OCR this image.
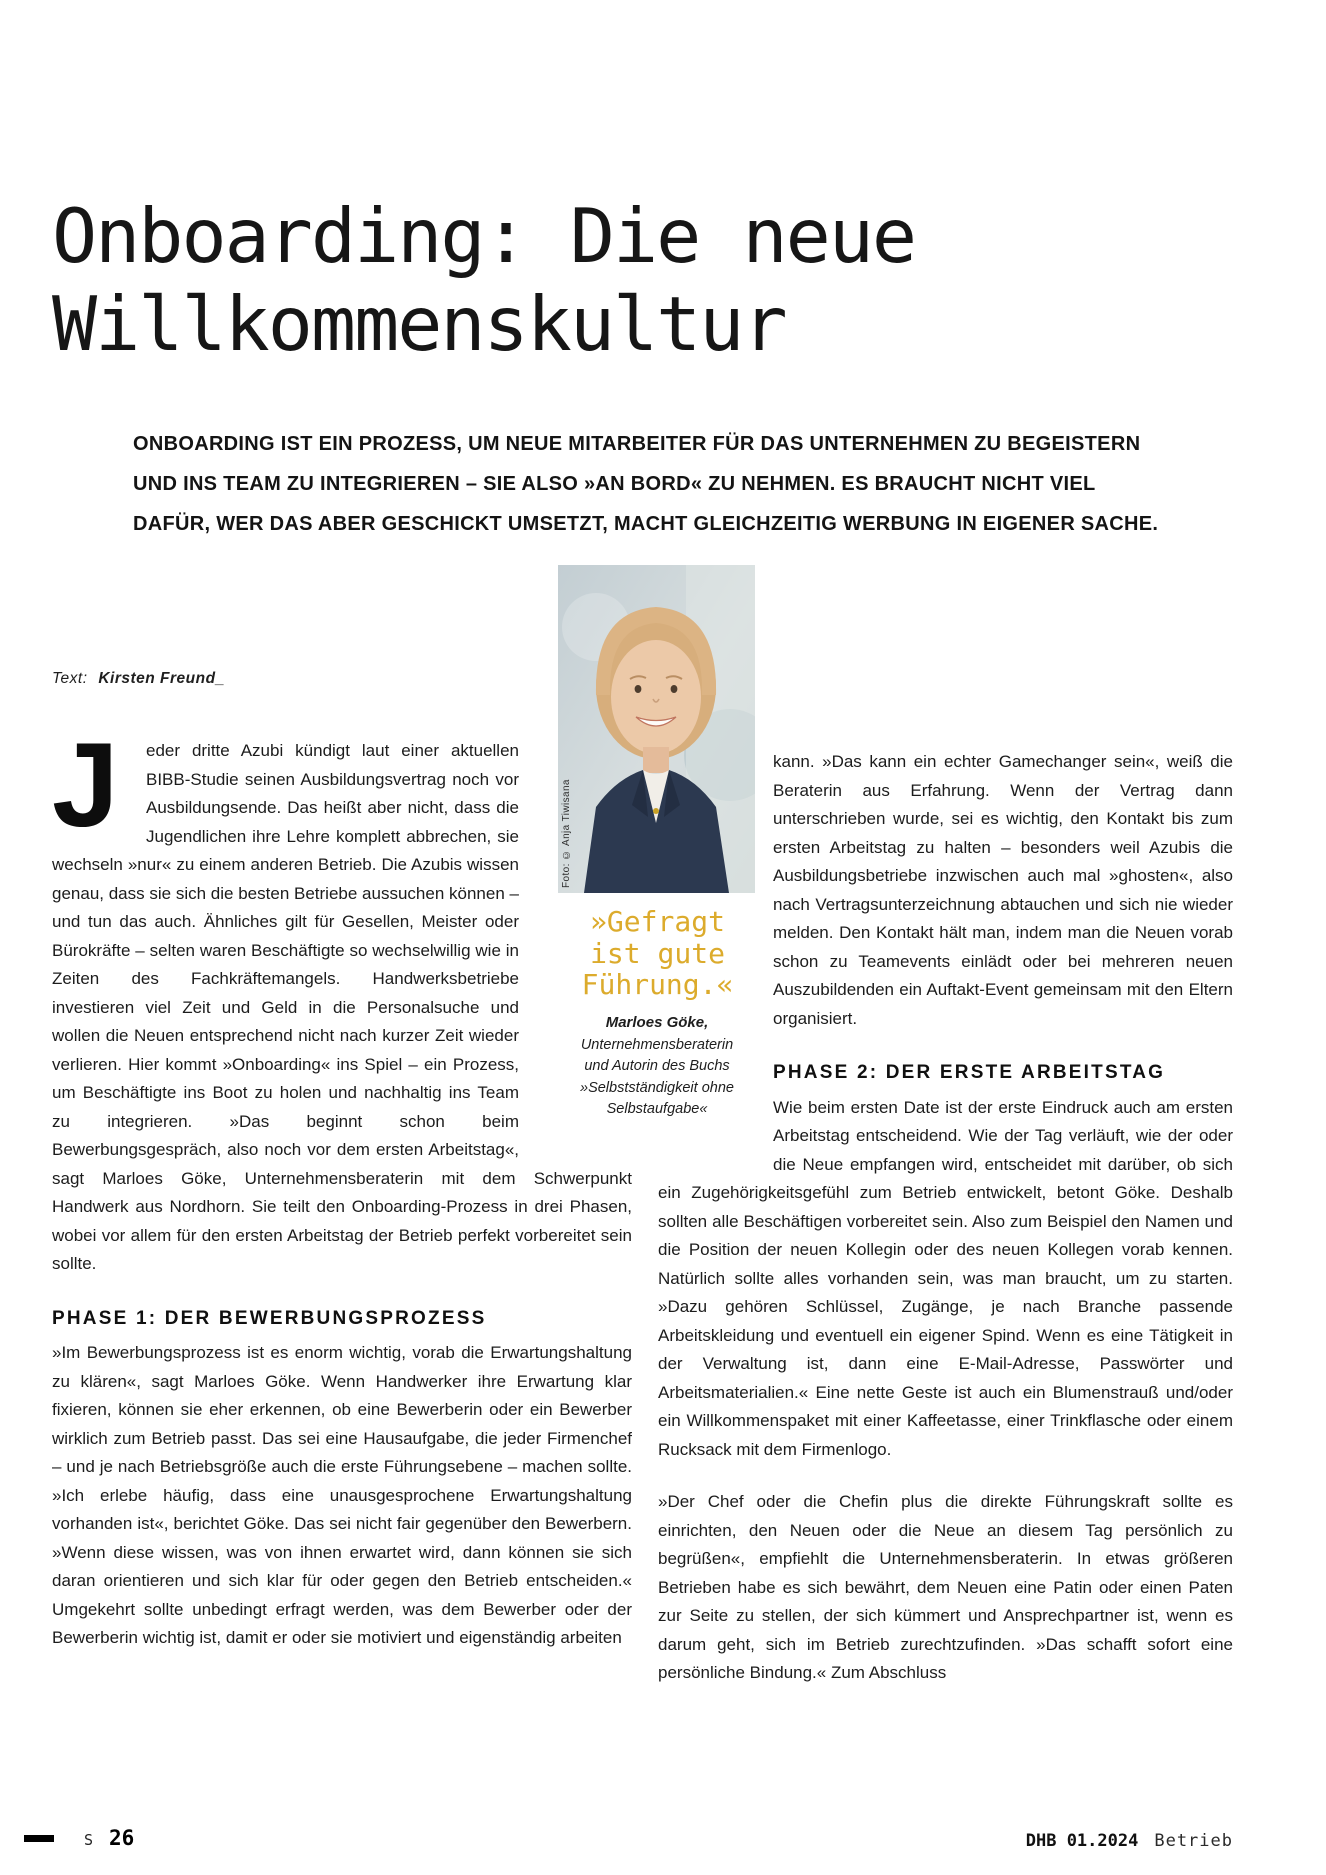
Onboarding: Die neue
Willkommenskultur
ONBOARDING IST EIN PROZESS, UM NEUE MITARBEITER FÜR DAS UNTERNEHMEN ZU BEGEISTERN
UND INS TEAM ZU INTEGRIEREN – SIE ALSO »AN BORD« ZU NEHMEN. ES BRAUCHT NICHT VIEL
DAFÜR, WER DAS ABER GESCHICKT UMSETZT, MACHT GLEICHZEITIG WERBUNG IN EIGENER SACHE.
Text: Kirsten Freund_
Foto: © Anja Tiwisana
»Gefragt ist gute Führung.«
Marloes Göke,
Unternehmensberaterin und Autorin des Buchs »Selbstständigkeit ohne Selbstaufgabe«
J	eder dritte Azubi kündigt laut einer aktuellen BIBB-Studie seinen Ausbildungsvertrag noch vor Ausbildungsende. Das heißt aber nicht, dass die Jugendlichen ihre Lehre komplett abbrechen, sie wechseln »nur« zu einem anderen Betrieb. Die Azubis wissen genau, dass sie sich die besten Betriebe aussuchen können – und tun das auch. Ähnliches gilt für Gesellen, Meister oder Bürokräfte – selten waren Beschäftigte so wechselwillig wie in Zeiten des Fachkräftemangels. Handwerksbetriebe investieren viel Zeit und Geld in die Personalsuche und wollen die Neuen entsprechend nicht nach kurzer Zeit wieder verlieren. Hier kommt »Onboarding« ins Spiel – ein Prozess, um Beschäftigte ins Boot zu holen und nachhaltig ins Team zu integrieren. »Das beginnt schon beim Bewerbungsgespräch, also noch vor dem ersten Arbeitstag«, sagt Marloes Göke, Unternehmensberaterin mit dem Schwerpunkt Handwerk aus Nordhorn. Sie teilt den Onboarding-Prozess in drei Phasen, wobei vor allem für den ersten Arbeitstag der Betrieb perfekt vorbereitet sein sollte.

PHASE 1: DER BEWERBUNGSPROZESS

»Im Bewerbungsprozess ist es enorm wichtig, vorab die Erwartungshaltung zu klären«, sagt Marloes Göke. Wenn Handwerker ihre Erwartung klar fixieren, können sie eher erkennen, ob eine Bewerberin oder ein Bewerber wirklich zum Betrieb passt. Das sei eine Hausaufgabe, die jeder Firmenchef – und je nach Betriebsgröße auch die erste Führungsebene – machen sollte. »Ich erlebe häufig, dass eine unausgesprochene Erwartungshaltung vorhanden ist«, berichtet Göke. Das sei nicht fair gegenüber den Bewerbern. »Wenn diese wissen, was von ihnen erwartet wird, dann können sie sich daran orientieren und sich klar für oder gegen den Betrieb entscheiden.« Umgekehrt sollte unbedingt erfragt werden, was dem Bewerber oder der Bewerberin wichtig ist, damit er oder sie motiviert und eigenständig arbeiten

kann. »Das kann ein echter Gamechanger sein«, weiß die Beraterin aus Erfahrung. Wenn der Vertrag dann unterschrieben wurde, sei es wichtig, den Kontakt bis zum ersten Arbeitstag zu halten – besonders weil Azubis die Ausbildungsbetriebe inzwischen auch mal »ghosten«, also nach Vertragsunterzeichnung abtauchen und sich nie wieder melden. Den Kontakt hält man, indem man die Neuen vorab schon zu Teamevents einlädt oder bei mehreren neuen Auszubildenden ein Auftakt-Event gemeinsam mit den Eltern organisiert.

PHASE 2: DER ERSTE ARBEITSTAG

Wie beim ersten Date ist der erste Eindruck auch am ersten Arbeitstag entscheidend. Wie der Tag verläuft, wie der oder die Neue empfangen wird, entscheidet mit darüber, ob sich ein Zugehörigkeitsgefühl zum Betrieb entwickelt, betont Göke. Deshalb sollten alle Beschäftigen vorbereitet sein. Also zum Beispiel den Namen und die Position der neuen Kollegin oder des neuen Kollegen vorab kennen. Natürlich sollte alles vorhanden sein, was man braucht, um zu starten. »Dazu gehören Schlüssel, Zugänge, je nach Branche passende Arbeitskleidung und eventuell ein eigener Spind. Wenn es eine Tätigkeit in der Verwaltung ist, dann eine E-Mail-Adresse, Passwörter und Arbeitsmaterialien.« Eine nette Geste ist auch ein Blumenstrauß und/oder ein Willkommenspaket mit einer Kaffeetasse, einer Trinkflasche oder einem Rucksack mit dem Firmenlogo.

»Der Chef oder die Chefin plus die direkte Führungskraft sollte es einrichten, den Neuen oder die Neue an diesem Tag persönlich zu begrüßen«, empfiehlt die Unternehmensberaterin. In etwas größeren Betrieben habe es sich bewährt, dem Neuen eine Patin oder einen Paten zur Seite zu stellen, der sich kümmert und Ansprechpartner ist, wenn es darum geht, sich im Betrieb zurechtzufinden. »Das schafft sofort eine persönliche Bindung.« Zum Abschluss

S 26	DHB 01.2024 Betrieb
